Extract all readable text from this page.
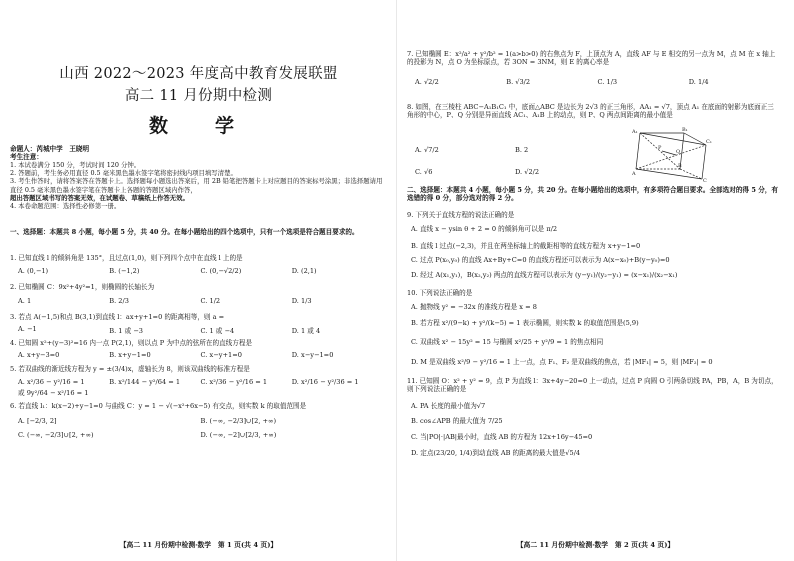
山西 2022～2023 年度高中教育发展联盟
高二 11 月份期中检测
数　学
命题人：芮城中学　王晓明
考生注意：
1. 本试卷满分 150 分，考试时间 120 分钟。
2. 答题前，考生务必用直径 0.5 毫米黑色墨水签字笔将密封线内项目填写清楚。
3. 考生作答时，请将答案答在答题卡上。选择题每小题选出答案后，用 2B 铅笔把答题卡上对应题目的答案标号涂黑；非选择题请用直径 0.5 毫米黑色墨水签字笔在答题卡上各题的答题区域内作答，
超出答题区域书写的答案无效，在试题卷、草稿纸上作答无效。
4. 本卷命题范围：选择性必修第一册。
一、选择题：本题共 8 小题，每小题 5 分，共 40 分。在每小题给出的四个选项中，只有一个选项是符合题目要求的。
1. 已知直线 l 的倾斜角是 135°，且过点(1,0)，则下列四个点中在直线 l 上的是
A. (0,−1)	B. (−1,2)	C. (0,−√2/2)	D. (2,1)
2. 已知椭圆 C：9x²+4y²=1，则椭圆的长轴长为
A. 1	B. 2/3	C. 1/2	D. 1/3
3. 若点 A(−1,5)和点 B(3,1)到直线 l：ax+y+1=0 的距离相等，则 a =
A. −1	B. 1 或 −3	C. 1 或 −4	D. 1 或 4
4. 已知圆 x²+(y−3)²=16 内一点 P(2,1)，则以点 P 为中点的弦所在的直线方程是
A. x+y−3=0	B. x+y−1=0	C. x−y+1=0	D. x−y−1=0
5. 若双曲线的渐近线方程为 y = ±(3/4)x，虚轴长为 8，则该双曲线的标准方程是
A. x²/36 − y²/16 = 1	B. x²/144 − y²/64 = 1	C. x²/36 − y²/16 = 1	D. x²/16 − y²/36 = 1
或 9y²/64 − x²/16 = 1
6. 若直线 l₁：k(x−2)+y−1=0 与曲线 C：y = 1 − √(−x²+6x−5) 有交点，则实数 k 的取值范围是
A. [−2/3, 2]	B. (−∞, −2/3]∪[2, +∞)
C. (−∞, −2/3]∪[2, +∞)	D. (−∞, −2]∪[2/3, +∞)
【高二 11 月份期中检测·数学　第 1 页(共 4 页)】
7. 已知椭圆 E：x²/a² + y²/b² = 1(a>b>0) 的右焦点为 F，上顶点为 A，直线 AF 与 E 相交的另一点为 M，点 M 在 x 轴上的投影为 N，点 O 为坐标原点，若 3ON = 3NM，则 E 的离心率是
A. √2/2	B. √3/2	C. 1/3	D. 1/4
8. 如图，在三棱柱 ABC−A₁B₁C₁ 中，底面△ABC 是边长为 2√3 的正三角形，AA₁ = √7，顶点 A₁ 在底面的射影为底面正三角形的中心，P、Q 分别是异面直线 AC₁、A₁B 上的动点，则 P、Q 两点间距离的最小值是
A. √7/2	B. 2
C. √6	D. √2/2
二、选择题：本题共 4 小题，每小题 5 分，共 20 分。在每小题给出的选项中，有多项符合题目要求。全部选对的得 5 分，有选错的得 0 分，部分选对的得 2 分。
9. 下列关于直线方程的说法正确的是
A. 直线 x − ysin θ + 2 = 0 的倾斜角可以是 π/2
B. 直线 l 过点(−2,3)，并且在两坐标轴上的截距相等的直线方程为 x+y−1=0
C. 过点 P(x₀,y₀) 的直线 Ax+By+C=0 的直线方程还可以表示为 A(x−x₀)+B(y−y₀)=0
D. 经过 A(x₁,y₁)，B(x₂,y₂) 两点的直线方程可以表示为 (y−y₁)/(y₂−y₁) = (x−x₁)/(x₂−x₁)
10. 下列说法正确的是
A. 抛物线 y² = −32x 的准线方程是 x = 8
B. 若方程 x²/(9−k) + y²/(k−5) = 1 表示椭圆，则实数 k 的取值范围是(5,9)
C. 双曲线 x² − 15y² = 15 与椭圆 x²/25 + y²/9 = 1 的焦点相同
D. M 是双曲线 x²/9 − y²/16 = 1 上一点，点 F₁、F₂ 是双曲线的焦点，若 |MF₁| = 5，则 |MF₂| = 0
11. 已知圆 O：x² + y² = 9，点 P 为直线 l：3x+4y−20=0 上一动点，过点 P 向圆 O 引两条切线 PA，PB，A，B 为切点，则下列说法正确的是
A. PA 长度的最小值为√7
B. cos∠APB 的最大值为 7/25
C. 当|PO|·|AB|最小时，直线 AB 的方程为 12x+16y−45=0
D. 定点(23/20, 1/4)到动直线 AB 的距离的最大值是√5/4
【高二 11 月份期中检测·数学　第 2 页(共 4 页)】
A₁	B₁
C₁
A
B
C
P
Q
